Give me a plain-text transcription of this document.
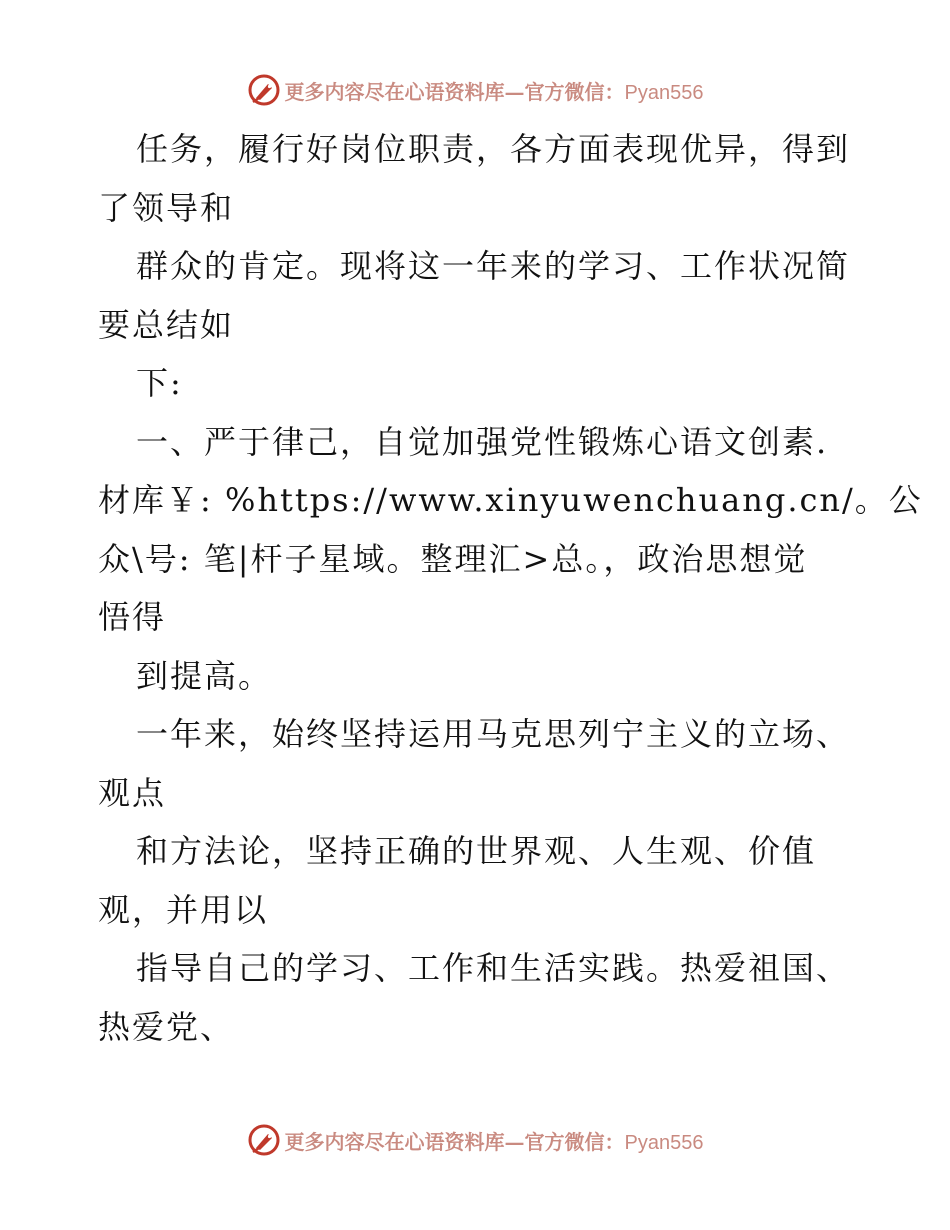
更多内容尽在心语资料库—官方微信：Pyan556
任务，履行好岗位职责，各方面表现优异，得到
了领导和
群众的肯定。现将这一年来的学习、工作状况简
要总结如
下:
一、严于律己，自觉加强党性锻炼心语文创素.
材库￥: %https://www.xinyuwenchuang.cn/。公
众\号: 笔|杆子星域。整理汇>总。，政治思想觉
悟得
到提高。
一年来，始终坚持运用马克思列宁主义的立场、
观点
和方法论，坚持正确的世界观、人生观、价值
观，并用以
指导自己的学习、工作和生活实践。热爱祖国、
热爱党、
更多内容尽在心语资料库—官方微信：Pyan556
